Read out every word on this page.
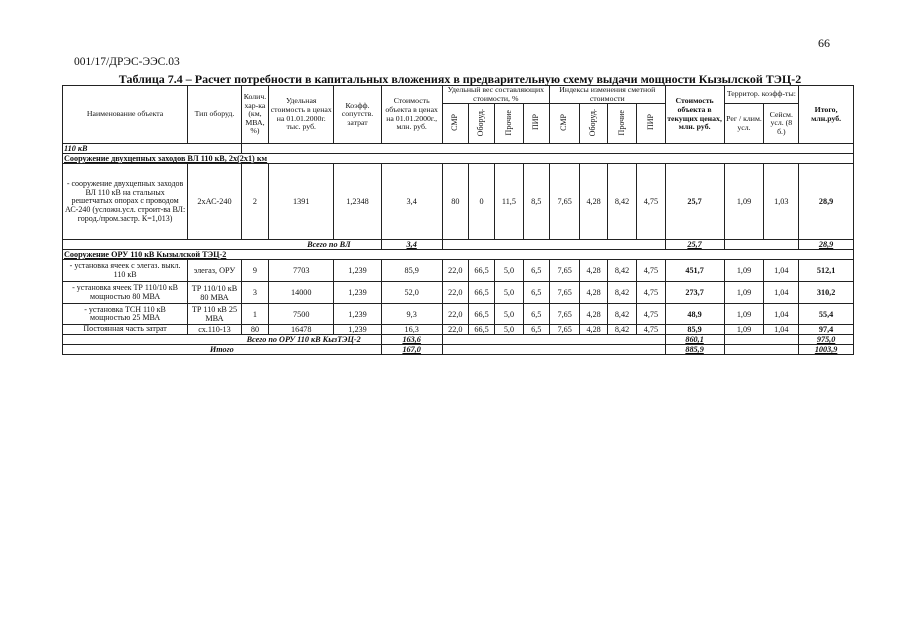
66
001/17/ДРЭС-ЭЭС.03
Таблица 7.4 – Расчет потребности в капитальных вложениях в предварительную схему выдачи мощности Кызылской ТЭЦ-2
Наименование объекта	Тип оборуд.	Колич. хар-ка (км, МВА, %)	Удельная стоимость в ценах на 01.01.2000г. тыс. руб.	Коэфф. сопутств. затрат	Стоимость объекта в ценах на 01.01.2000г., млн. руб.	Удельный вес составляющих стоимости, %				Индексы изменения сметной стоимости				Стоимость объекта в текущих ценах, млн. руб.	Территор. коэфф-ты:		Итого, млн.руб.
						СМР	Оборуд.	Прочие	ПИР	СМР	Оборуд.	Прочие	ПИР		Рег / клим. усл.	Сейсм. усл. (8 б.)	

110 кВ																	
Сооружение двухцепных заходов ВЛ 110 кВ, 2х(2х1) км																	
- сооружение двухцепных заходов ВЛ 110 кВ на стальных решетчатых опорах с проводом АС-240 (усложн.усл. строит-ва ВЛ: город./пром.застр. К=1,013)	2хАС-240	2	1391	1,2348	3,4	80	0	11,5	8,5	7,65	4,28	8,42	4,75	25,7	1,09	1,03	28,9
Всего по ВЛ					3,4									25,7			28,9
Сооружение ОРУ 110 кВ Кызылской ТЭЦ-2																	
- установка ячеек с элегаз. выкл. 110 кВ	элегаз, ОРУ	9	7703	1,239	85,9	22,0	66,5	5,0	6,5	7,65	4,28	8,42	4,75	451,7	1,09	1,04	512,1
- установка ячеек ТР 110/10 кВ мощностью 80 МВА	ТР 110/10 кВ 80 МВА	3	14000	1,239	52,0	22,0	66,5	5,0	6,5	7,65	4,28	8,42	4,75	273,7	1,09	1,04	310,2
- установка ТСН 110 кВ мощностью 25 МВА	ТР 110 кВ 25 МВА	1	7500	1,239	9,3	22,0	66,5	5,0	6,5	7,65	4,28	8,42	4,75	48,9	1,09	1,04	55,4
Постоянная часть затрат	сх.110-13	80	16478	1,239	16,3	22,0	66,5	5,0	6,5	7,65	4,28	8,42	4,75	85,9	1,09	1,04	97,4
Всего по ОРУ 110 кВ КызТЭЦ-2					163,6									860,1			975,0
Итого					167,0									885,9			1003,9
